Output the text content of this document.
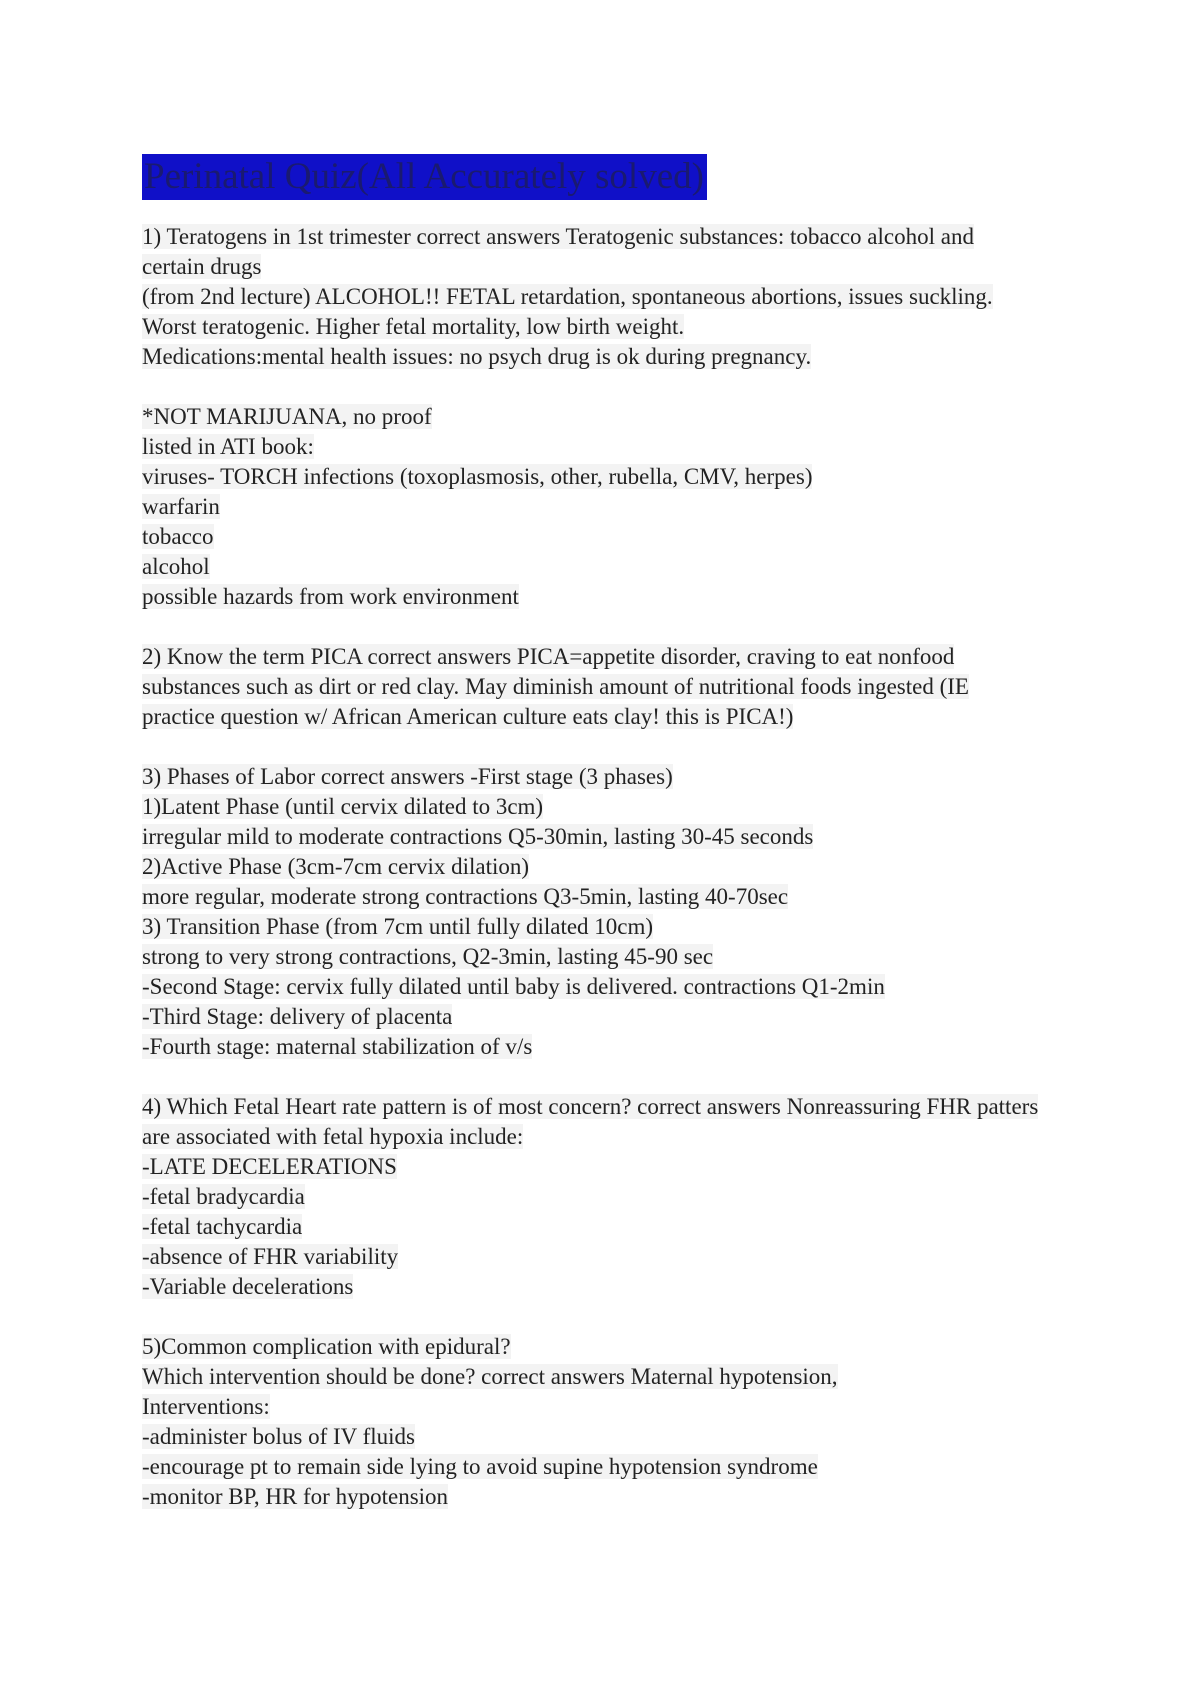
Perinatal Quiz(All Accurately solved)
1) Teratogens in 1st trimester correct answers Teratogenic substances: tobacco alcohol and
certain drugs
(from 2nd lecture) ALCOHOL!! FETAL retardation, spontaneous abortions, issues suckling.
Worst teratogenic. Higher fetal mortality, low birth weight.
Medications:mental health issues: no psych drug is ok during pregnancy.
*NOT MARIJUANA, no proof
listed in ATI book:
viruses- TORCH infections (toxoplasmosis, other, rubella, CMV, herpes)
warfarin
tobacco
alcohol
possible hazards from work environment
2) Know the term PICA correct answers PICA=appetite disorder, craving to eat nonfood
substances such as dirt or red clay. May diminish amount of nutritional foods ingested (IE
practice question w/ African American culture eats clay! this is PICA!)
3) Phases of Labor correct answers -First stage (3 phases)
1)Latent Phase (until cervix dilated to 3cm)
irregular mild to moderate contractions Q5-30min, lasting 30-45 seconds
2)Active Phase (3cm-7cm cervix dilation)
more regular, moderate strong contractions Q3-5min, lasting 40-70sec
3) Transition Phase (from 7cm until fully dilated 10cm)
strong to very strong contractions, Q2-3min, lasting 45-90 sec
-Second Stage: cervix fully dilated until baby is delivered. contractions Q1-2min
-Third Stage: delivery of placenta
-Fourth stage: maternal stabilization of v/s
4) Which Fetal Heart rate pattern is of most concern? correct answers Nonreassuring FHR patters
are associated with fetal hypoxia include:
-LATE DECELERATIONS
-fetal bradycardia
-fetal tachycardia
-absence of FHR variability
-Variable decelerations
5)Common complication with epidural?
Which intervention should be done? correct answers Maternal hypotension,
Interventions:
-administer bolus of IV fluids
-encourage pt to remain side lying to avoid supine hypotension syndrome
-monitor BP, HR for hypotension
